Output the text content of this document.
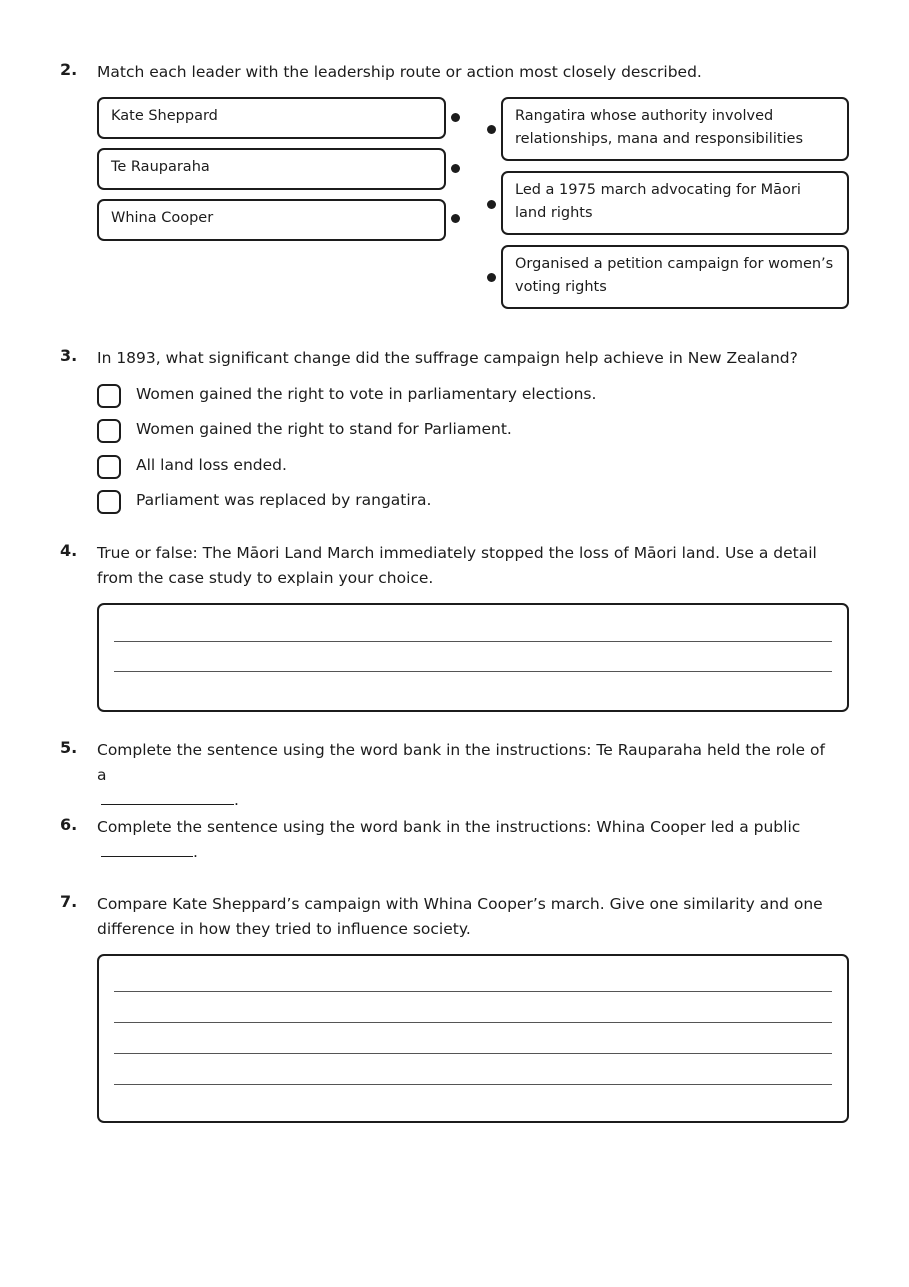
2. Match each leader with the leadership route or action most closely described.
Kate Sheppard
Te Rauparaha
Whina Cooper
Rangatira whose authority involved relationships, mana and responsibilities
Led a 1975 march advocating for Māori land rights
Organised a petition campaign for women’s voting rights
3. In 1893, what significant change did the suffrage campaign help achieve in New Zealand?
Women gained the right to vote in parliamentary elections.
Women gained the right to stand for Parliament.
All land loss ended.
Parliament was replaced by rangatira.
4. True or false: The Māori Land March immediately stopped the loss of Māori land. Use a detail from the case study to explain your choice.
5. Complete the sentence using the word bank in the instructions: Te Rauparaha held the role of a
.
6. Complete the sentence using the word bank in the instructions: Whina Cooper led a public
.
7. Compare Kate Sheppard’s campaign with Whina Cooper’s march. Give one similarity and one difference in how they tried to influence society.
